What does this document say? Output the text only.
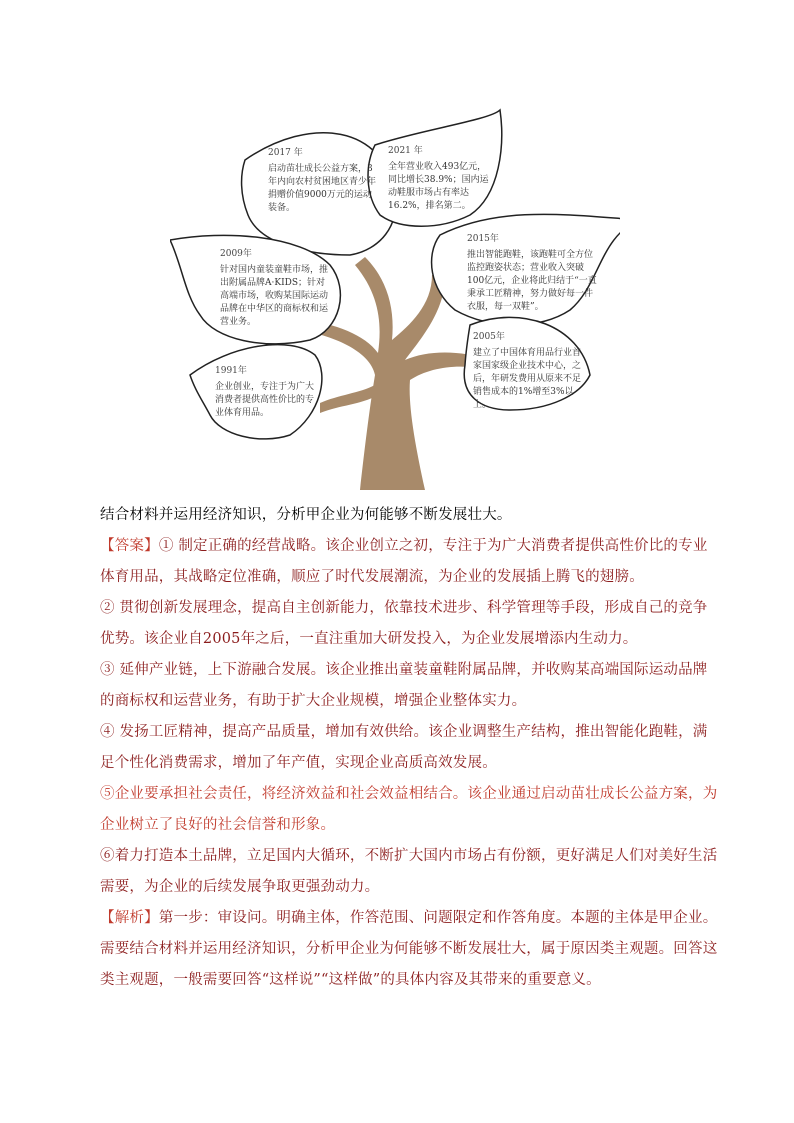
2017 年
启动苗壮成长公益方案，3年内向农村贫困地区青少年捐赠价值9000万元的运动装备。
2021 年
全年营业收入493亿元，同比增长38.9%；国内运动鞋服市场占有率达16.2%，排名第二。
2009年
针对国内童装童鞋市场，推出附属品牌A·KIDS；针对高端市场，收购某国际运动品牌在中华区的商标权和运营业务。
2015年
推出智能跑鞋，该跑鞋可全方位监控跑姿状态；营业收入突破100亿元，企业将此归结于“一直秉承工匠精神，努力做好每一件衣服，每一双鞋”。
2005年
建立了中国体育用品行业首家国家级企业技术中心，之后，年研发费用从原来不足销售成本的1%增至3%以上。
1991年
企业创业，专注于为广大消费者提供高性价比的专业体育用品。
结合材料并运用经济知识，分析甲企业为何能够不断发展壮大。
【答案】① 制定正确的经营战略。该企业创立之初，专注于为广大消费者提供高性价比的专业体育用品，其战略定位准确，顺应了时代发展潮流，为企业的发展插上腾飞的翅膀。
② 贯彻创新发展理念，提高自主创新能力，依靠技术进步、科学管理等手段，形成自己的竞争优势。该企业自2005年之后，一直注重加大研发投入，为企业发展增添内生动力。
③ 延伸产业链，上下游融合发展。该企业推出童装童鞋附属品牌，并收购某高端国际运动品牌的商标权和运营业务，有助于扩大企业规模，增强企业整体实力。
④ 发扬工匠精神，提高产品质量，增加有效供给。该企业调整生产结构，推出智能化跑鞋，满足个性化消费需求，增加了年产值，实现企业高质高效发展。
⑤企业要承担社会责任，将经济效益和社会效益相结合。该企业通过启动苗壮成长公益方案，为企业树立了良好的社会信誉和形象。
⑥着力打造本土品牌，立足国内大循环，不断扩大国内市场占有份额，更好满足人们对美好生活需要，为企业的后续发展争取更强劲动力。
【解析】第一步：审设问。明确主体，作答范围、问题限定和作答角度。本题的主体是甲企业。需要结合材料并运用经济知识，分析甲企业为何能够不断发展壮大，属于原因类主观题。回答这类主观题，一般需要回答“这样说”“这样做”的具体内容及其带来的重要意义。
